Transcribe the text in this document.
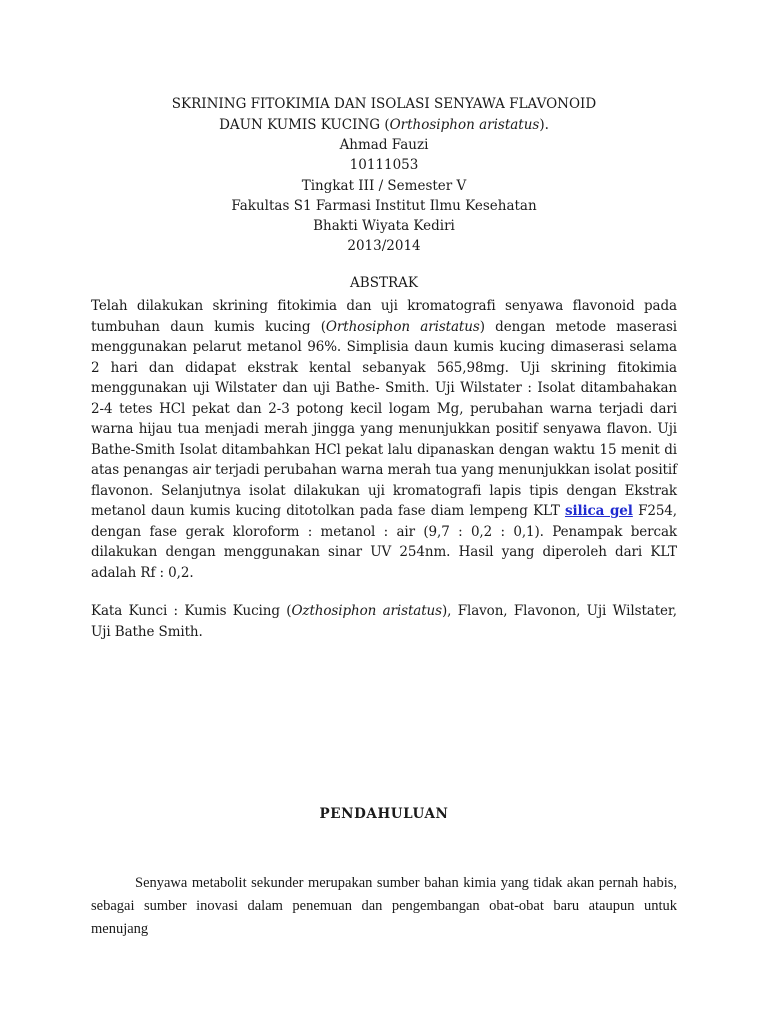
SKRINING FITOKIMIA DAN ISOLASI SENYAWA FLAVONOID
DAUN KUMIS KUCING (Orthosiphon aristatus).
Ahmad Fauzi
10111053
Tingkat III / Semester V
Fakultas S1 Farmasi Institut Ilmu Kesehatan
Bhakti Wiyata Kediri
2013/2014
ABSTRAK
Telah dilakukan skrining fitokimia dan uji kromatografi senyawa flavonoid pada tumbuhan daun kumis kucing (Orthosiphon aristatus) dengan metode maserasi menggunakan pelarut metanol 96%. Simplisia daun kumis kucing dimaserasi selama 2 hari dan didapat ekstrak kental sebanyak 565,98mg. Uji skrining fitokimia menggunakan uji Wilstater dan uji Bathe- Smith. Uji Wilstater : Isolat ditambahakan 2-4 tetes HCl pekat dan 2-3 potong kecil logam Mg, perubahan warna terjadi dari warna hijau tua menjadi merah jingga yang menunjukkan positif senyawa flavon. Uji Bathe-Smith Isolat ditambahkan HCl pekat lalu dipanaskan dengan waktu 15 menit di atas penangas air terjadi perubahan warna merah tua yang menunjukkan isolat positif flavonon. Selanjutnya isolat dilakukan uji kromatografi lapis tipis dengan Ekstrak metanol daun kumis kucing ditotolkan pada fase diam lempeng KLT silica gel F254, dengan fase gerak kloroform : metanol : air (9,7 : 0,2 : 0,1). Penampak bercak dilakukan dengan menggunakan sinar UV 254nm. Hasil yang diperoleh dari KLT adalah Rf : 0,2.
Kata Kunci : Kumis Kucing (Ozthosiphon aristatus), Flavon, Flavonon, Uji Wilstater, Uji Bathe Smith.
PENDAHULUAN
Senyawa metabolit sekunder merupakan sumber bahan kimia yang tidak akan pernah habis, sebagai sumber inovasi dalam penemuan dan pengembangan obat-obat baru ataupun untuk menujang
